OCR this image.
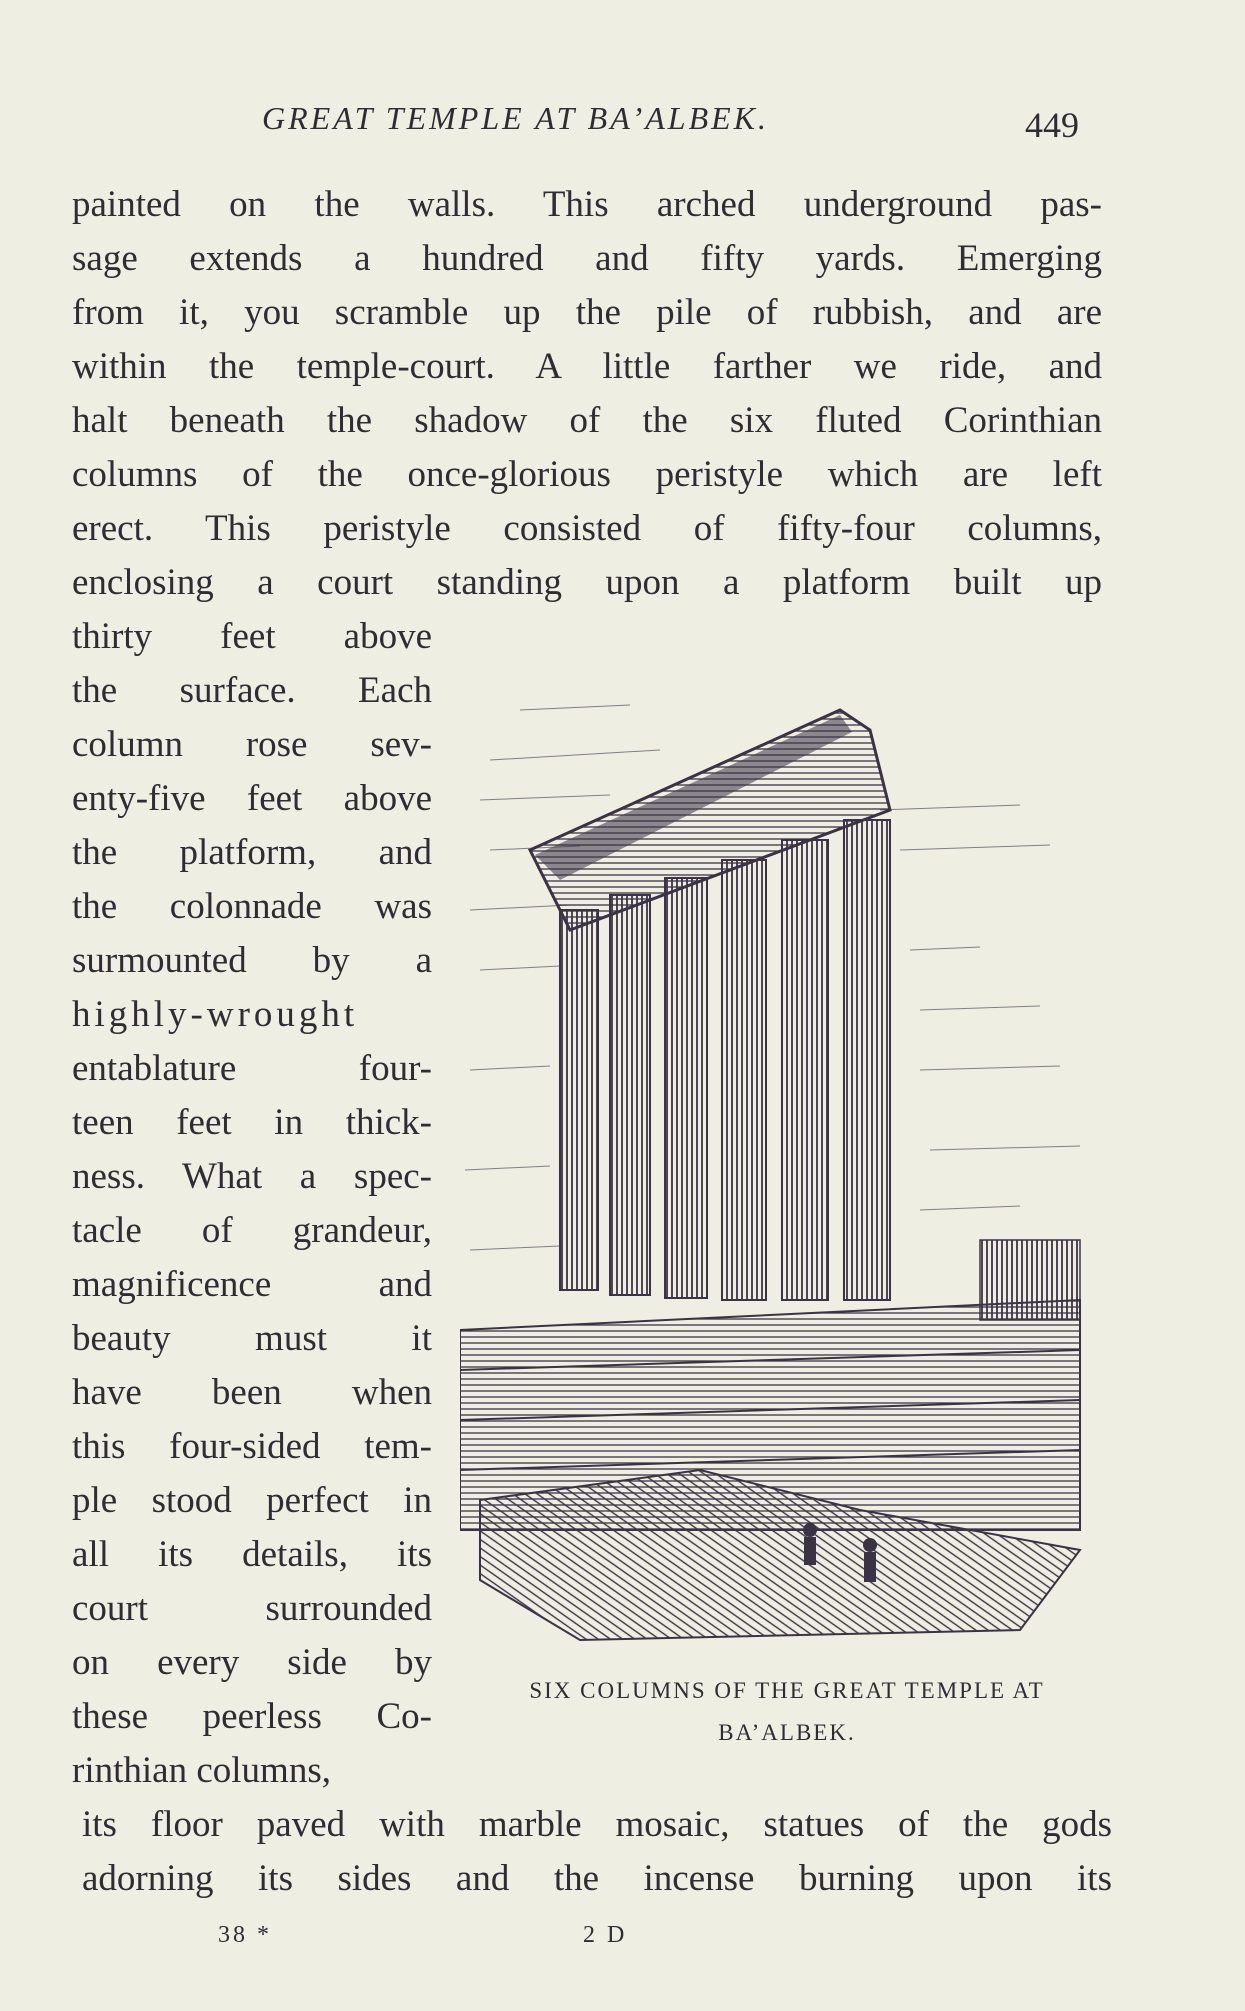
GREAT TEMPLE AT BA’ALBEK.	449
painted on the walls. This arched underground pas-
sage extends a hundred and fifty yards. Emerging
from it, you scramble up the pile of rubbish, and are
within the temple-court. A little farther we ride, and
halt beneath the shadow of the six fluted Corinthian
columns of the once-glorious peristyle which are left
erect. This peristyle consisted of fifty-four columns,
enclosing a court standing upon a platform built up
thirty feet above
the surface. Each
column rose sev-
enty-five feet above
the platform, and
the colonnade was
surmounted by a
highly-wrought
entablature four-
teen feet in thick-
ness. What a spec-
tacle of grandeur,
magnificence and
beauty must it
have been when
this four-sided tem-
ple stood perfect in
all its details, its
court surrounded
on every side by
these peerless Co-
rinthian columns,
its floor paved with marble mosaic, statues of the gods
adorning its sides and the incense burning upon its
SIX COLUMNS OF THE GREAT TEMPLE AT
BA’ALBEK.
38 *	2 D
